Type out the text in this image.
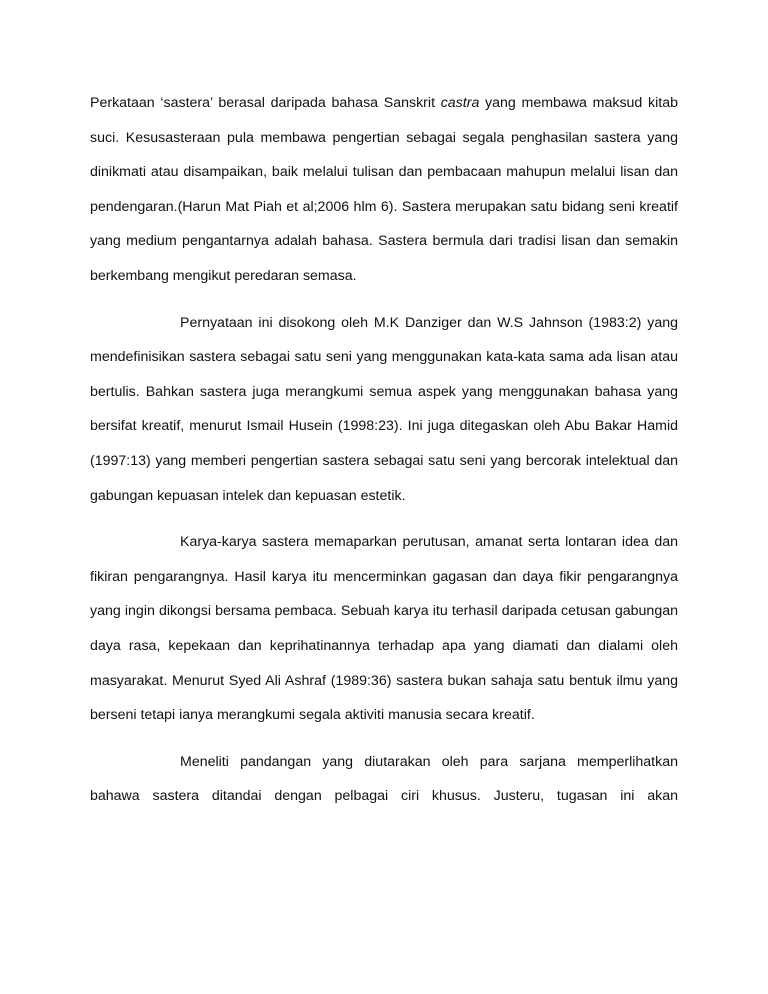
Perkataan ‘sastera’ berasal daripada bahasa Sanskrit castra yang membawa maksud kitab suci. Kesusasteraan pula membawa pengertian sebagai segala penghasilan sastera yang dinikmati atau disampaikan, baik melalui tulisan dan pembacaan mahupun melalui lisan dan pendengaran.(Harun Mat Piah et al;2006 hlm 6). Sastera merupakan satu bidang seni kreatif yang medium pengantarnya adalah bahasa. Sastera bermula dari tradisi lisan dan semakin berkembang mengikut peredaran semasa.

Pernyataan ini disokong oleh M.K Danziger dan W.S Jahnson (1983:2) yang mendefinisikan sastera sebagai satu seni yang menggunakan kata-kata sama ada lisan atau bertulis. Bahkan sastera juga merangkumi semua aspek yang menggunakan bahasa yang bersifat kreatif, menurut Ismail Husein (1998:23). Ini juga ditegaskan oleh Abu Bakar Hamid (1997:13) yang memberi pengertian sastera sebagai satu seni yang bercorak intelektual dan gabungan kepuasan intelek dan kepuasan estetik.

Karya-karya sastera memaparkan perutusan, amanat serta lontaran idea dan fikiran pengarangnya. Hasil karya itu mencerminkan gagasan dan daya fikir pengarangnya yang ingin dikongsi bersama pembaca. Sebuah karya itu terhasil daripada cetusan gabungan daya rasa, kepekaan dan keprihatinannya terhadap apa yang diamati dan dialami oleh masyarakat. Menurut Syed Ali Ashraf (1989:36) sastera bukan sahaja satu bentuk ilmu yang berseni tetapi ianya merangkumi segala aktiviti manusia secara kreatif.

Meneliti pandangan yang diutarakan oleh para sarjana memperlihatkan bahawa sastera ditandai dengan pelbagai ciri khusus. Justeru, tugasan ini akan
